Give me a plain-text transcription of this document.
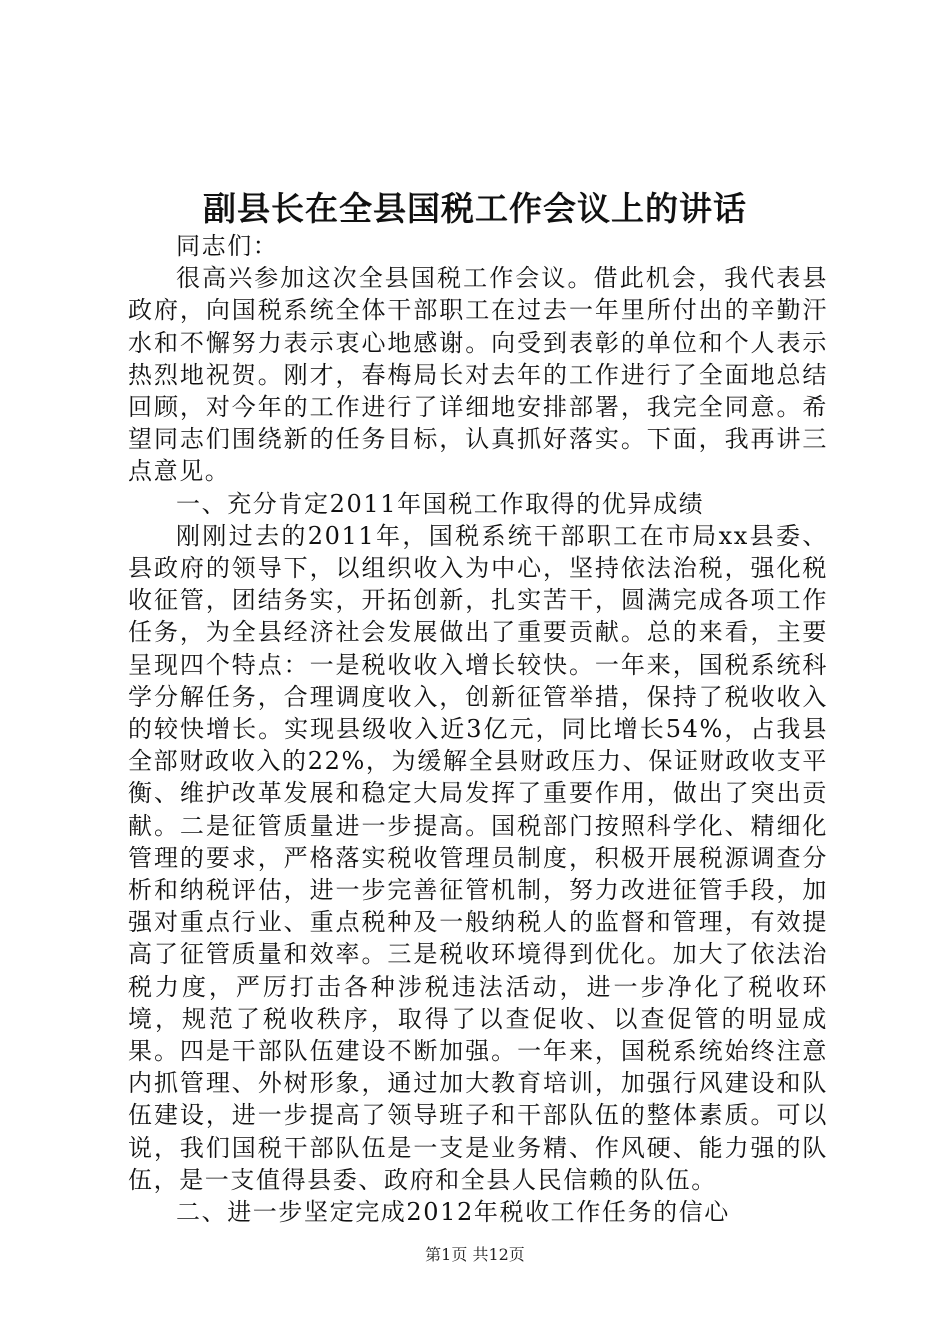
副县长在全县国税工作会议上的讲话

同志们：

很高兴参加这次全县国税工作会议。借此机会，我代表县政府，向国税系统全体干部职工在过去一年里所付出的辛勤汗水和不懈努力表示衷心地感谢。向受到表彰的单位和个人表示热烈地祝贺。刚才，春梅局长对去年的工作进行了全面地总结回顾，对今年的工作进行了详细地安排部署，我完全同意。希望同志们围绕新的任务目标，认真抓好落实。下面，我再讲三点意见。

一、充分肯定2011年国税工作取得的优异成绩

刚刚过去的2011年，国税系统干部职工在市局xx县委、县政府的领导下，以组织收入为中心，坚持依法治税，强化税收征管，团结务实，开拓创新，扎实苦干，圆满完成各项工作任务，为全县经济社会发展做出了重要贡献。总的来看，主要呈现四个特点：一是税收收入增长较快。一年来，国税系统科学分解任务，合理调度收入，创新征管举措，保持了税收收入的较快增长。实现县级收入近3亿元，同比增长54%，占我县全部财政收入的22%，为缓解全县财政压力、保证财政收支平衡、维护改革发展和稳定大局发挥了重要作用，做出了突出贡献。二是征管质量进一步提高。国税部门按照科学化、精细化管理的要求，严格落实税收管理员制度，积极开展税源调查分析和纳税评估，进一步完善征管机制，努力改进征管手段，加强对重点行业、重点税种及一般纳税人的监督和管理，有效提高了征管质量和效率。三是税收环境得到优化。加大了依法治税力度，严厉打击各种涉税违法活动，进一步净化了税收环境，规范了税收秩序，取得了以查促收、以查促管的明显成果。四是干部队伍建设不断加强。一年来，国税系统始终注意内抓管理、外树形象，通过加大教育培训，加强行风建设和队伍建设，进一步提高了领导班子和干部队伍的整体素质。可以说，我们国税干部队伍是一支是业务精、作风硬、能力强的队伍，是一支值得县委、政府和全县人民信赖的队伍。

二、进一步坚定完成2012年税收工作任务的信心

第1页 共12页
